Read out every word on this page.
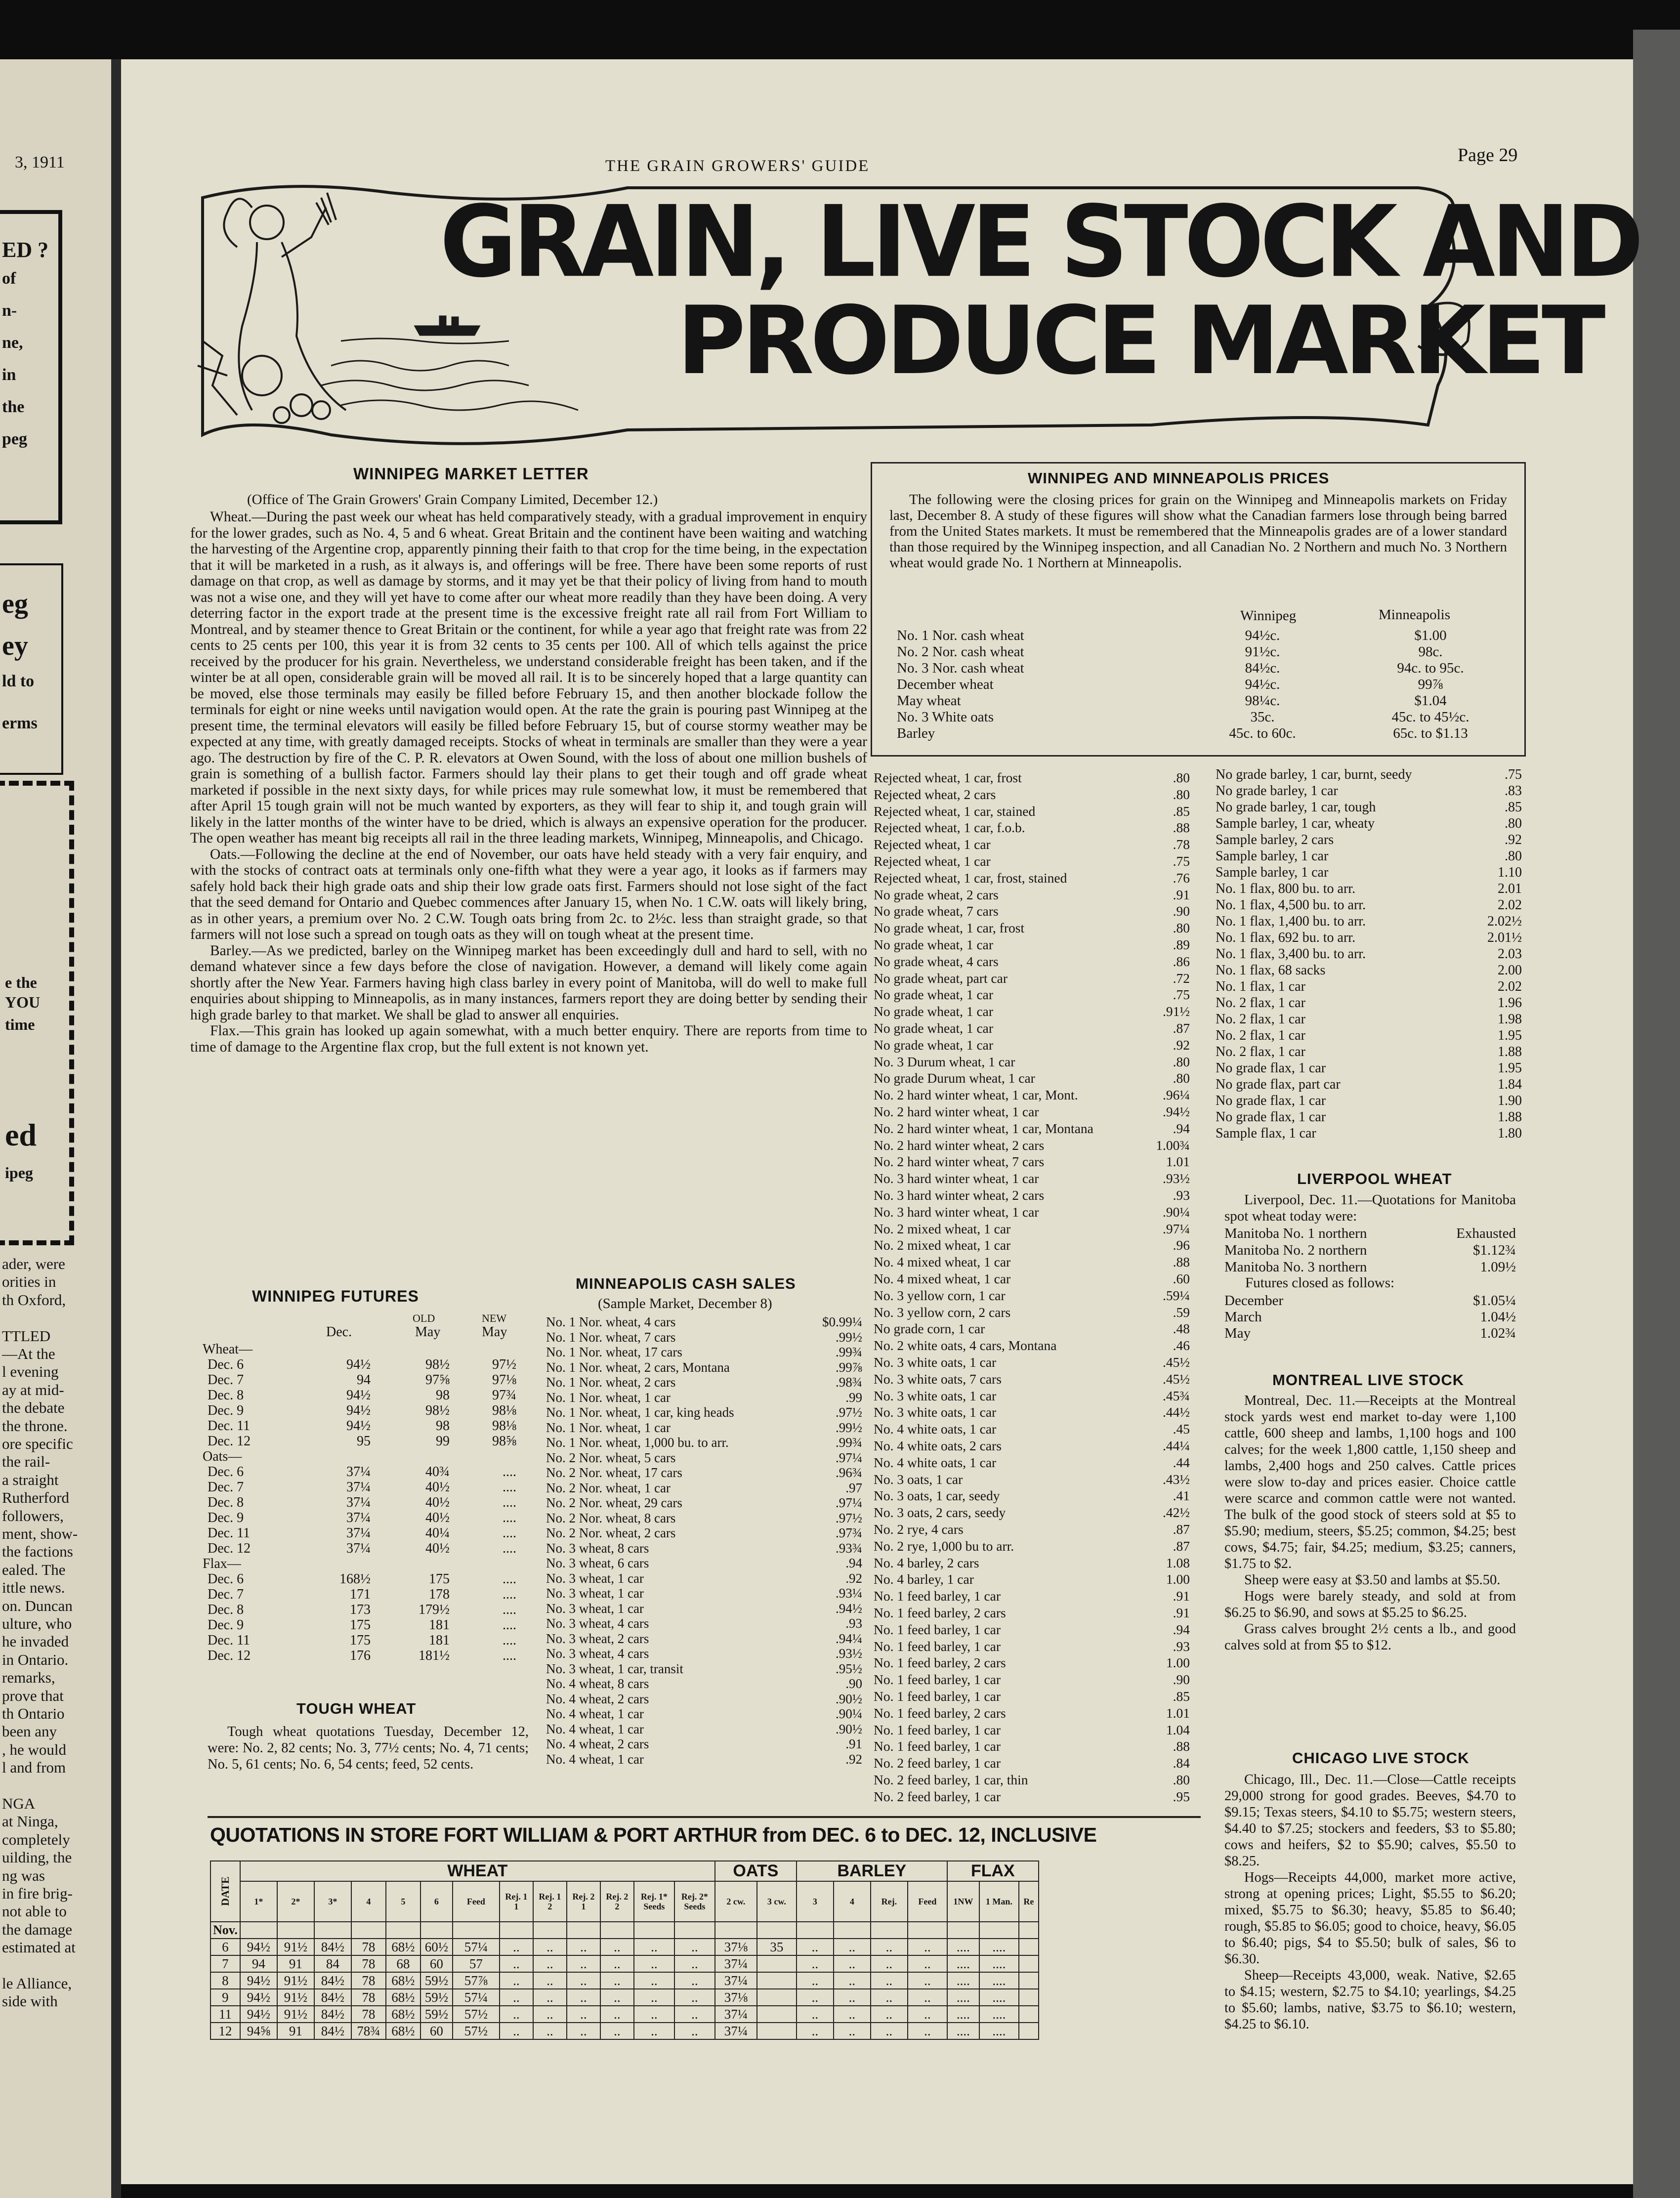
3, 1911
ED ?
of
n-
ne,
in
the
peg
eg
ey
ld to
erms
e the
YOU
time
ed
ipeg
ader, were
orities in
th Oxford,
TTLED
—At the
l evening
ay at mid-
the debate
the throne.
ore specific
the rail-
a straight
Rutherford
followers,
ment, show-
the factions
ealed. The
ittle news.
on. Duncan
ulture, who
he invaded
in Ontario.
remarks,
prove that
th Ontario
been any
, he would
l and from
NGA
at Ninga,
completely
uilding, the
ng was
in fire brig-
not able to
the damage
estimated at
le Alliance,
side with
THE GRAIN GROWERS' GUIDE
Page 29
GRAIN, LIVE STOCK AND
PRODUCE MARKET
WINNIPEG MARKET LETTER
(Office of The Grain Growers' Grain Company Limited, December 12.)

Wheat.—During the past week our wheat has held comparatively steady, with a gradual improvement in enquiry for the lower grades, such as No. 4, 5 and 6 wheat. Great Britain and the continent have been waiting and watching the harvesting of the Argentine crop, apparently pinning their faith to that crop for the time being, in the expectation that it will be marketed in a rush, as it always is, and offerings will be free. There have been some reports of rust damage on that crop, as well as damage by storms, and it may yet be that their policy of living from hand to mouth was not a wise one, and they will yet have to come after our wheat more readily than they have been doing. A very deterring factor in the export trade at the present time is the excessive freight rate all rail from Fort William to Montreal, and by steamer thence to Great Britain or the continent, for while a year ago that freight rate was from 22 cents to 25 cents per 100, this year it is from 32 cents to 35 cents per 100. All of which tells against the price received by the producer for his grain. Nevertheless, we understand considerable freight has been taken, and if the winter be at all open, considerable grain will be moved all rail. It is to be sincerely hoped that a large quantity can be moved, else those terminals may easily be filled before February 15, and then another blockade follow the terminals for eight or nine weeks until navigation would open. At the rate the grain is pouring past Winnipeg at the present time, the terminal elevators will easily be filled before February 15, but of course stormy weather may be expected at any time, with greatly damaged receipts. Stocks of wheat in terminals are smaller than they were a year ago. The destruction by fire of the C. P. R. elevators at Owen Sound, with the loss of about one million bushels of grain is something of a bullish factor. Farmers should lay their plans to get their tough and off grade wheat marketed if possible in the next sixty days, for while prices may rule somewhat low, it must be remembered that after April 15 tough grain will not be much wanted by exporters, as they will fear to ship it, and tough grain will likely in the latter months of the winter have to be dried, which is always an expensive operation for the producer. The open weather has meant big receipts all rail in the three leading markets, Winnipeg, Minneapolis, and Chicago.

Oats.—Following the decline at the end of November, our oats have held steady with a very fair enquiry, and with the stocks of contract oats at terminals only one-fifth what they were a year ago, it looks as if farmers may safely hold back their high grade oats and ship their low grade oats first. Farmers should not lose sight of the fact that the seed demand for Ontario and Quebec commences after January 15, when No. 1 C.W. oats will likely bring, as in other years, a premium over No. 2 C.W. Tough oats bring from 2c. to 2½c. less than straight grade, so that farmers will not lose such a spread on tough oats as they will on tough wheat at the present time.

Barley.—As we predicted, barley on the Winnipeg market has been exceedingly dull and hard to sell, with no demand whatever since a few days before the close of navigation. However, a demand will likely come again shortly after the New Year. Farmers having high class barley in every point of Manitoba, will do well to make full enquiries about shipping to Minneapolis, as in many instances, farmers report they are doing better by sending their high grade barley to that market. We shall be glad to answer all enquiries.

Flax.—This grain has looked up again somewhat, with a much better enquiry. There are reports from time to time of damage to the Argentine flax crop, but the full extent is not known yet.

WINNIPEG AND MINNEAPOLIS PRICES

The following were the closing prices for grain on the Winnipeg and Minneapolis markets on Friday last, December 8. A study of these figures will show what the Canadian farmers lose through being barred from the United States markets. It must be remembered that the Minneapolis grades are of a lower standard than those required by the Winnipeg inspection, and all Canadian No. 2 Northern and much No. 3 Northern wheat would grade No. 1 Northern at Minneapolis.

Winnipeg	Minneapolis
No. 1 Nor. cash wheat	94½c.	$1.00
No. 2 Nor. cash wheat	91½c.	98c.
No. 3 Nor. cash wheat	84½c.	94c. to 95c.
December wheat	94½c.	99⅞
May wheat	98¼c.	$1.04
No. 3 White oats	35c.	45c. to 45½c.
Barley	45c. to 60c.	65c. to $1.13
WINNIPEG FUTURES
OLD	NEW
Dec.	May	May
Wheat—
Dec. 6	94½	98½	97½
Dec. 7	94	97⅝	97⅛
Dec. 8	94½	98	97¾
Dec. 9	94½	98½	98⅛
Dec. 11	94½	98	98⅛
Dec. 12	95	99	98⅝
Oats—
Dec. 6	37¼	40¾	....
Dec. 7	37¼	40½	....
Dec. 8	37¼	40½	....
Dec. 9	37¼	40½	....
Dec. 11	37¼	40¼	....
Dec. 12	37¼	40½	....
Flax—
Dec. 6	168½	175	....
Dec. 7	171	178	....
Dec. 8	173	179½	....
Dec. 9	175	181	....
Dec. 11	175	181	....
Dec. 12	176	181½	....
TOUGH WHEAT

Tough wheat quotations Tuesday, December 12, were: No. 2, 82 cents; No. 3, 77½ cents; No. 4, 71 cents; No. 5, 61 cents; No. 6, 54 cents; feed, 52 cents.

MINNEAPOLIS CASH SALES
(Sample Market, December 8)
No. 1 Nor. wheat, 4 cars	$0.99¼
No. 1 Nor. wheat, 7 cars	.99½
No. 1 Nor. wheat, 17 cars	.99¾
No. 1 Nor. wheat, 2 cars, Montana	.99⅞
No. 1 Nor. wheat, 2 cars	.98¾
No. 1 Nor. wheat, 1 car	.99
No. 1 Nor. wheat, 1 car, king heads	.97½
No. 1 Nor. wheat, 1 car	.99½
No. 1 Nor. wheat, 1,000 bu. to arr.	.99¾
No. 2 Nor. wheat, 5 cars	.97¼
No. 2 Nor. wheat, 17 cars	.96¾
No. 2 Nor. wheat, 1 car	.97
No. 2 Nor. wheat, 29 cars	.97¼
No. 2 Nor. wheat, 8 cars	.97½
No. 2 Nor. wheat, 2 cars	.97¾
No. 3 wheat, 8 cars	.93¾
No. 3 wheat, 6 cars	.94
No. 3 wheat, 1 car	.92
No. 3 wheat, 1 car	.93¼
No. 3 wheat, 1 car	.94½
No. 3 wheat, 4 cars	.93
No. 3 wheat, 2 cars	.94¼
No. 3 wheat, 4 cars	.93½
No. 3 wheat, 1 car, transit	.95½
No. 4 wheat, 8 cars	.90
No. 4 wheat, 2 cars	.90½
No. 4 wheat, 1 car	.90¼
No. 4 wheat, 1 car	.90½
No. 4 wheat, 2 cars	.91
No. 4 wheat, 1 car	.92
Rejected wheat, 1 car, frost	.80
Rejected wheat, 2 cars	.80
Rejected wheat, 1 car, stained	.85
Rejected wheat, 1 car, f.o.b.	.88
Rejected wheat, 1 car	.78
Rejected wheat, 1 car	.75
Rejected wheat, 1 car, frost, stained	.76
No grade wheat, 2 cars	.91
No grade wheat, 7 cars	.90
No grade wheat, 1 car, frost	.80
No grade wheat, 1 car	.89
No grade wheat, 4 cars	.86
No grade wheat, part car	.72
No grade wheat, 1 car	.75
No grade wheat, 1 car	.91½
No grade wheat, 1 car	.87
No grade wheat, 1 car	.92
No. 3 Durum wheat, 1 car	.80
No grade Durum wheat, 1 car	.80
No. 2 hard winter wheat, 1 car, Mont.	.96¼
No. 2 hard winter wheat, 1 car	.94½
No. 2 hard winter wheat, 1 car, Montana	.94
No. 2 hard winter wheat, 2 cars	1.00¾
No. 2 hard winter wheat, 7 cars	1.01
No. 3 hard winter wheat, 1 car	.93½
No. 3 hard winter wheat, 2 cars	.93
No. 3 hard winter wheat, 1 car	.90¼
No. 2 mixed wheat, 1 car	.97¼
No. 2 mixed wheat, 1 car	.96
No. 4 mixed wheat, 1 car	.88
No. 4 mixed wheat, 1 car	.60
No. 3 yellow corn, 1 car	.59¼
No. 3 yellow corn, 2 cars	.59
No grade corn, 1 car	.48
No. 2 white oats, 4 cars, Montana	.46
No. 3 white oats, 1 car	.45½
No. 3 white oats, 7 cars	.45½
No. 3 white oats, 1 car	.45¾
No. 3 white oats, 1 car	.44½
No. 4 white oats, 1 car	.45
No. 4 white oats, 2 cars	.44¼
No. 4 white oats, 1 car	.44
No. 3 oats, 1 car	.43½
No. 3 oats, 1 car, seedy	.41
No. 3 oats, 2 cars, seedy	.42½
No. 2 rye, 4 cars	.87
No. 2 rye, 1,000 bu to arr.	.87
No. 4 barley, 2 cars	1.08
No. 4 barley, 1 car	1.00
No. 1 feed barley, 1 car	.91
No. 1 feed barley, 2 cars	.91
No. 1 feed barley, 1 car	.94
No. 1 feed barley, 1 car	.93
No. 1 feed barley, 2 cars	1.00
No. 1 feed barley, 1 car	.90
No. 1 feed barley, 1 car	.85
No. 1 feed barley, 2 cars	1.01
No. 1 feed barley, 1 car	1.04
No. 1 feed barley, 1 car	.88
No. 2 feed barley, 1 car	.84
No. 2 feed barley, 1 car, thin	.80
No. 2 feed barley, 1 car	.95
No grade barley, 1 car, burnt, seedy	.75
No grade barley, 1 car	.83
No grade barley, 1 car, tough	.85
Sample barley, 1 car, wheaty	.80
Sample barley, 2 cars	.92
Sample barley, 1 car	.80
Sample barley, 1 car	1.10
No. 1 flax, 800 bu. to arr.	2.01
No. 1 flax, 4,500 bu. to arr.	2.02
No. 1 flax, 1,400 bu. to arr.	2.02½
No. 1 flax, 692 bu. to arr.	2.01½
No. 1 flax, 3,400 bu. to arr.	2.03
No. 1 flax, 68 sacks	2.00
No. 1 flax, 1 car	2.02
No. 2 flax, 1 car	1.96
No. 2 flax, 1 car	1.98
No. 2 flax, 1 car	1.95
No. 2 flax, 1 car	1.88
No grade flax, 1 car	1.95
No grade flax, part car	1.84
No grade flax, 1 car	1.90
No grade flax, 1 car	1.88
Sample flax, 1 car	1.80
LIVERPOOL WHEAT

Liverpool, Dec. 11.—Quotations for Manitoba spot wheat today were:

Manitoba No. 1 northern	Exhausted
Manitoba No. 2 northern	$1.12¾
Manitoba No. 3 northern	1.09½
Futures closed as follows:
December	$1.05¼
March	1.04½
May	1.02¾
MONTREAL LIVE STOCK

Montreal, Dec. 11.—Receipts at the Montreal stock yards west end market to-day were 1,100 cattle, 600 sheep and lambs, 1,100 hogs and 100 calves; for the week 1,800 cattle, 1,150 sheep and lambs, 2,400 hogs and 250 calves. Cattle prices were slow to-day and prices easier. Choice cattle were scarce and common cattle were not wanted. The bulk of the good stock of steers sold at $5 to $5.90; medium, steers, $5.25; common, $4.25; best cows, $4.75; fair, $4.25; medium, $3.25; canners, $1.75 to $2.

Sheep were easy at $3.50 and lambs at $5.50.

Hogs were barely steady, and sold at from $6.25 to $6.90, and sows at $5.25 to $6.25.

Grass calves brought 2½ cents a lb., and good calves sold at from $5 to $12.

CHICAGO LIVE STOCK

Chicago, Ill., Dec. 11.—Close—Cattle receipts 29,000 strong for good grades. Beeves, $4.70 to $9.15; Texas steers, $4.10 to $5.75; western steers, $4.40 to $7.25; stockers and feeders, $3 to $5.80; cows and heifers, $2 to $5.90; calves, $5.50 to $8.25.

Hogs—Receipts 44,000, market more active, strong at opening prices; Light, $5.55 to $6.20; mixed, $5.75 to $6.30; heavy, $5.85 to $6.40; rough, $5.85 to $6.05; good to choice, heavy, $6.05 to $6.40; pigs, $4 to $5.50; bulk of sales, $6 to $6.30.

Sheep—Receipts 43,000, weak. Native, $2.65 to $4.15; western, $2.75 to $4.10; yearlings, $4.25 to $5.60; lambs, native, $3.75 to $6.10; western, $4.25 to $6.10.

QUOTATIONS IN STORE FORT WILLIAM & PORT ARTHUR from DEC. 6 to DEC. 12, INCLUSIVE
DATE	WHEAT													OATS		BARLEY				FLAX		
	1*	2*	3*	4	5	6	Feed	Rej. 1 1	Rej. 1 2	Rej. 2 1	Rej. 2 2	Rej. 1* Seeds	Rej. 2* Seeds	2 cw.	3 cw.	3	4	Rej.	Feed	1NW	1 Man.	Re
Nov.																						
6	94½	91½	84½	78	68½	60½	57¼	..	..	..	..	..	..	37⅛	35	..	..	..	..	....	....	
7	94	91	84	78	68	60	57	..	..	..	..	..	..	37¼		..	..	..	..	....	....	
8	94½	91½	84½	78	68½	59½	57⅞	..	..	..	..	..	..	37¼		..	..	..	..	....	....	
9	94½	91½	84½	78	68½	59½	57¼	..	..	..	..	..	..	37⅛		..	..	..	..	....	....	
11	94½	91½	84½	78	68½	59½	57½	..	..	..	..	..	..	37¼		..	..	..	..	....	....	
12	94⅝	91	84½	78¾	68½	60	57½	..	..	..	..	..	..	37¼		..	..	..	..	....	....	
